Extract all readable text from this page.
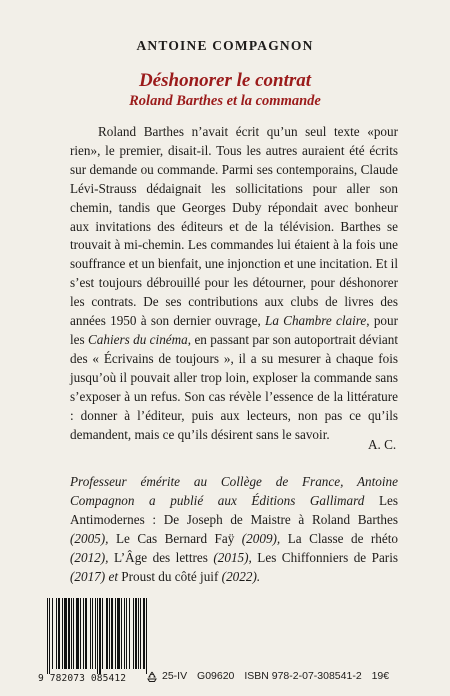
ANTOINE COMPAGNON
Déshonorer le contrat
Roland Barthes et la commande

Roland Barthes n’avait écrit qu’un seul texte «pour rien», le premier, disait-il. Tous les autres auraient été écrits sur demande ou commande. Parmi ses contemporains, Claude Lévi-Strauss dédaignait les sollicitations pour aller son chemin, tandis que Georges Duby répondait avec bonheur aux invitations des éditeurs et de la télévision. Barthes se trouvait à mi-chemin. Les commandes lui étaient à la fois une souffrance et un bienfait, une injonction et une incitation. Et il s’est toujours débrouillé pour les détourner, pour déshonorer les contrats. De ses contributions aux clubs de livres des années 1950 à son dernier ouvrage, La Chambre claire, pour les Cahiers du cinéma, en passant par son autoportrait déviant des « Écrivains de toujours », il a su mesurer à chaque fois jusqu’où il pouvait aller trop loin, exploser la commande sans s’exposer à un refus. Son cas révèle l’essence de la littérature : donner à l’éditeur, puis aux lecteurs, non pas ce qu’ils demandent, mais ce qu’ils désirent sans le savoir.

A. C.

Professeur émérite au Collège de France, Antoine Compagnon a publié aux Éditions Gallimard Les Antimodernes : De Joseph de Maistre à Roland Barthes (2005), Le Cas Bernard Faÿ (2009), La Classe de rhéto (2012), L’Âge des lettres (2015), Les Chiffonniers de Paris (2017) et Proust du côté juif (2022).

9 782073 085412	25-IV G09620 ISBN 978-2-07-308541-2 19€
